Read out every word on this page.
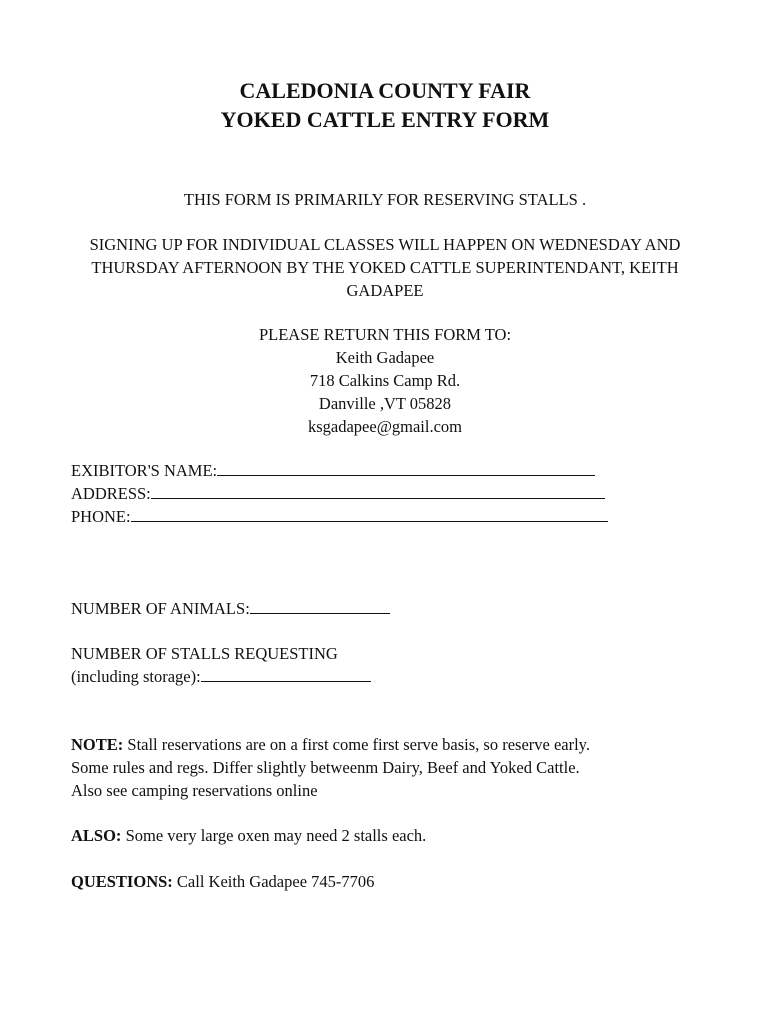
CALEDONIA COUNTY FAIR
YOKED CATTLE ENTRY FORM
THIS FORM IS PRIMARILY FOR RESERVING STALLS .
SIGNING UP FOR INDIVIDUAL CLASSES WILL HAPPEN ON WEDNESDAY AND
THURSDAY AFTERNOON BY THE YOKED CATTLE SUPERINTENDANT, KEITH
GADAPEE
PLEASE RETURN THIS FORM TO:
Keith Gadapee
718 Calkins Camp Rd.
Danville ,VT 05828
ksgadapee@gmail.com
EXIBITOR'S NAME:
ADDRESS:
PHONE:
NUMBER OF ANIMALS:
NUMBER OF STALLS REQUESTING
(including storage):
NOTE: Stall reservations are on a first come first serve basis, so reserve early.
Some rules and regs. Differ slightly betweenm Dairy, Beef and Yoked Cattle.
Also see camping reservations online
ALSO: Some very large oxen may need 2 stalls each.
QUESTIONS: Call Keith Gadapee 745-7706
